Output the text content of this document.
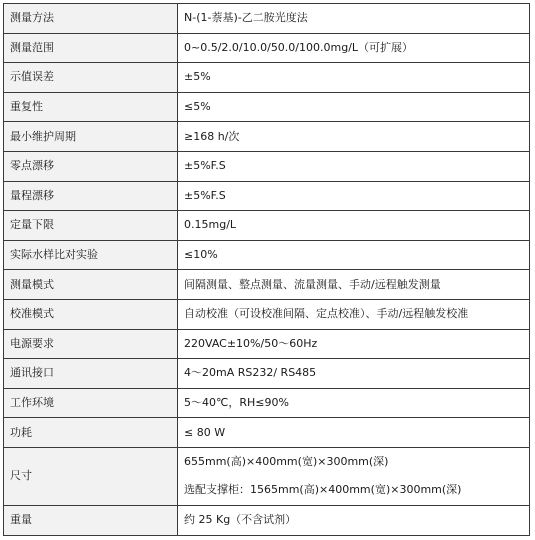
测量方法	N-(1-萘基)-乙二胺光度法
测量范围	0~0.5/2.0/10.0/50.0/100.0mg/L（可扩展）
示值误差	±5%
重复性	≤5%
最小维护周期	≥168 h/次
零点漂移	±5%F.S
量程漂移	±5%F.S
定量下限	0.15mg/L
实际水样比对实验	≤10%
测量模式	间隔测量、整点测量、流量测量、手动/远程触发测量
校准模式	自动校准（可设校准间隔、定点校准）、手动/远程触发校准
电源要求	220VAC±10%/50～60Hz
通讯接口	4～20mA RS232/ RS485
工作环境	5～40℃，RH≤90%
功耗	≤ 80 W
尺寸	655mm(高)×400mm(宽)×300mm(深)
选配支撑柜：1565mm(高)×400mm(宽)×300mm(深)

重量	约 25 Kg（不含试剂）
